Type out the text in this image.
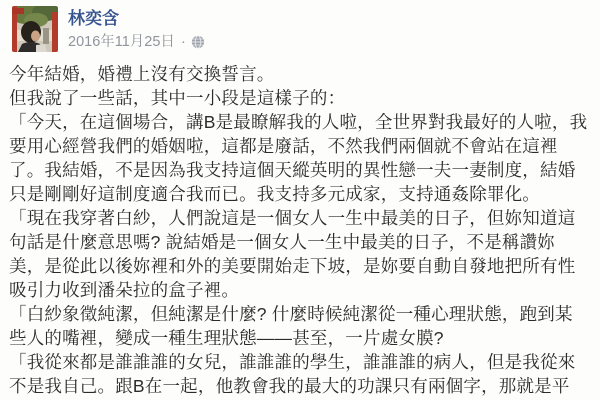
林奕含
2016年11月25日 ·
今年結婚，婚禮上沒有交換誓言。
但我說了一些話，其中一小段是這樣子的：
「今天，在這個場合，講B是最瞭解我的人啦，全世界對我最好的人啦，我
要用心經營我們的婚姻啦，這都是廢話，不然我們兩個就不會站在這裡
了。我結婚，不是因為我支持這個天縱英明的異性戀一夫一妻制度，結婚
只是剛剛好這制度適合我而已。我支持多元成家，支持通姦除罪化。
「現在我穿著白紗，人們說這是一個女人一生中最美的日子，但妳知道這
句話是什麼意思嗎? 說結婚是一個女人一生中最美的日子，不是稱讚妳
美，是從此以後妳裡和外的美要開始走下坡，是妳要自動自發地把所有性
吸引力收到潘朵拉的盒子裡。
「白紗象徵純潔，但純潔是什麼? 什麼時候純潔從一種心理狀態，跑到某
些人的嘴裡，變成一種生理狀態——甚至，一片處女膜?
「我從來都是誰誰誰的女兒，誰誰誰的學生，誰誰誰的病人，但是我從來
不是我自己。跟B在一起，他教會我的最大的功課只有兩個字，那就是平
